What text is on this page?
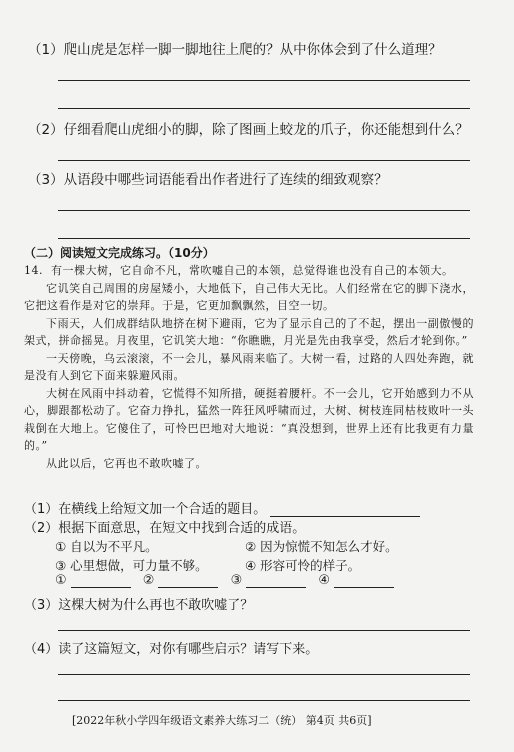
（1）爬山虎是怎样一脚一脚地往上爬的？从中你体会到了什么道理？
（2）仔细看爬山虎细小的脚，除了图画上蛟龙的爪子，你还能想到什么？
（3）从语段中哪些词语能看出作者进行了连续的细致观察？
（二）阅读短文完成练习。（10分）
14. 有一棵大树，它自命不凡，常吹嘘自己的本领，总觉得谁也没有自己的本领大。
它讥笑自己周围的房屋矮小，大地低下，自己伟大无比。人们经常在它的脚下浇水，它把这看作是对它的崇拜。于是，它更加飘飘然，目空一切。
下雨天，人们成群结队地挤在树下避雨，它为了显示自己的了不起，摆出一副傲慢的架式，拼命摇晃。月夜里，它讥笑大地：“你瞧瞧，月光是先由我享受，然后才轮到你。”
一天傍晚，乌云滚滚，不一会儿，暴风雨来临了。大树一看，过路的人四处奔跑，就是没有人到它下面来躲避风雨。
大树在风雨中抖动着，它慌得不知所措，硬挺着腰杆。不一会儿，它开始感到力不从心，脚跟都松动了。它奋力挣扎，猛然一阵狂风呼啸而过，大树、树枝连同枯枝败叶一头栽倒在大地上。它傻住了，可怜巴巴地对大地说：“真没想到，世界上还有比我更有力量的。”
从此以后，它再也不敢吹嘘了。
（1）在横线上给短文加一个合适的题目。
（2）根据下面意思，在短文中找到合适的成语。
① 自以为不平凡。	② 因为惊慌不知怎么才好。
③ 心里想做，可力量不够。	④ 形容可怜的样子。
①	②	③	④
（3）这棵大树为什么再也不敢吹嘘了？
（4）读了这篇短文，对你有哪些启示？请写下来。
[2022年秋小学四年级语文素养大练习二（统） 第4页 共6页]
